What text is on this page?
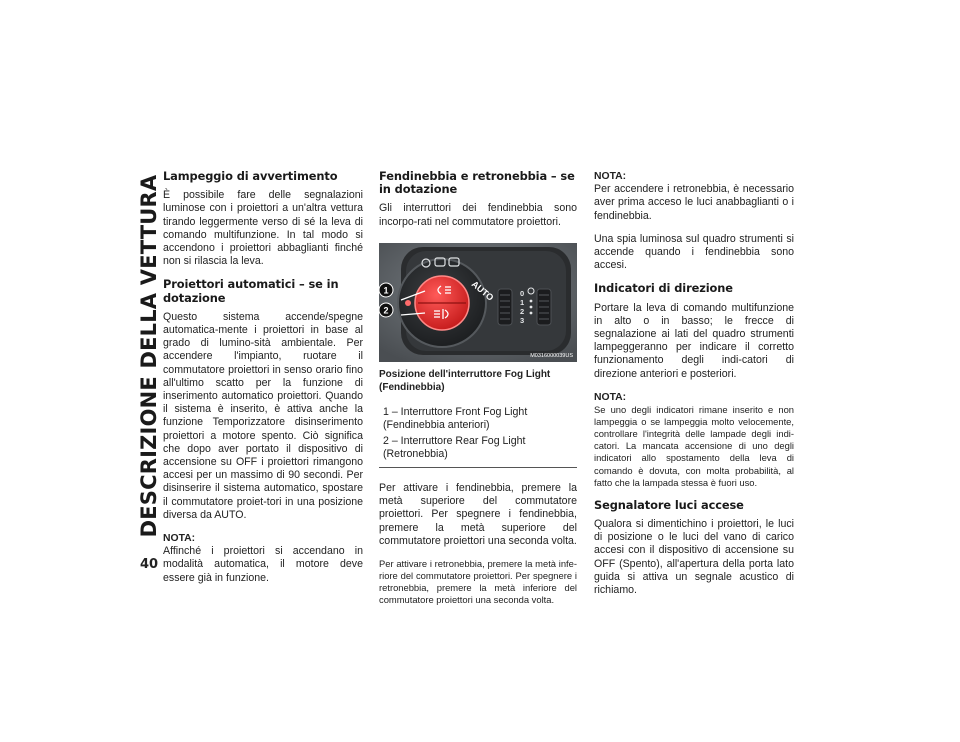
DESCRIZIONE DELLA VETTURA
40
Lampeggio di avvertimento

È possibile fare delle segnalazioni luminose con i proiettori a un'altra vettura tirando leggermente verso di sé la leva di comando multifunzione. In tal modo si accendono i proiettori abbaglianti finché non si rilascia la leva.

Proiettori automatici – se in dotazione

Questo sistema accende/spegne automatica-mente i proiettori in base al grado di lumino-sità ambientale. Per accendere l'impianto, ruotare il commutatore proiettori in senso orario fino all'ultimo scatto per la funzione di inserimento automatico proiettori. Quando il sistema è inserito, è attiva anche la funzione Temporizzatore disinserimento proiettori a motore spento. Ciò significa che dopo aver portato il dispositivo di accensione su OFF i proiettori rimangono accesi per un massimo di 90 secondi. Per disinserire il sistema automatico, spostare il commutatore proiet-tori in una posizione diversa da AUTO.

NOTA:

Affinché i proiettori si accendano in modalità automatica, il motore deve essere già in funzione.

Fendinebbia e retronebbia – se in dotazione

Gli interruttori dei fendinebbia sono incorpo-rati nel commutatore proiettori.

AUTO	0
1
2
3
1
2
M0316000039US
Posizione dell'interruttore Fog Light (Fendinebbia)
1 – Interruttore Front Fog Light (Fendinebbia anteriori)
2 – Interruttore Rear Fog Light (Retronebbia)

Per attivare i fendinebbia, premere la metà superiore del commutatore proiettori. Per spegnere i fendinebbia, premere la metà superiore del commutatore proiettori una seconda volta.

Per attivare i retronebbia, premere la metà infe-riore del commutatore proiettori. Per spegnere i retronebbia, premere la metà inferiore del commutatore proiettori una seconda volta.

NOTA:

Per accendere i retronebbia, è necessario aver prima acceso le luci anabbaglianti o i fendinebbia.

Una spia luminosa sul quadro strumenti si accende quando i fendinebbia sono accesi.

Indicatori di direzione

Portare la leva di comando multifunzione in alto o in basso; le frecce di segnalazione ai lati del quadro strumenti lampeggeranno per indicare il corretto funzionamento degli indi-catori di direzione anteriori e posteriori.

NOTA:

Se uno degli indicatori rimane inserito e non lampeggia o se lampeggia molto velocemente, controllare l'integrità delle lampade degli indi-catori. La mancata accensione di uno degli indicatori allo spostamento della leva di comando è dovuta, con molta probabilità, al fatto che la lampada stessa è fuori uso.

Segnalatore luci accese

Qualora si dimentichino i proiettori, le luci di posizione o le luci del vano di carico accesi con il dispositivo di accensione su OFF (Spento), all'apertura della porta lato guida si attiva un segnale acustico di richiamo.
